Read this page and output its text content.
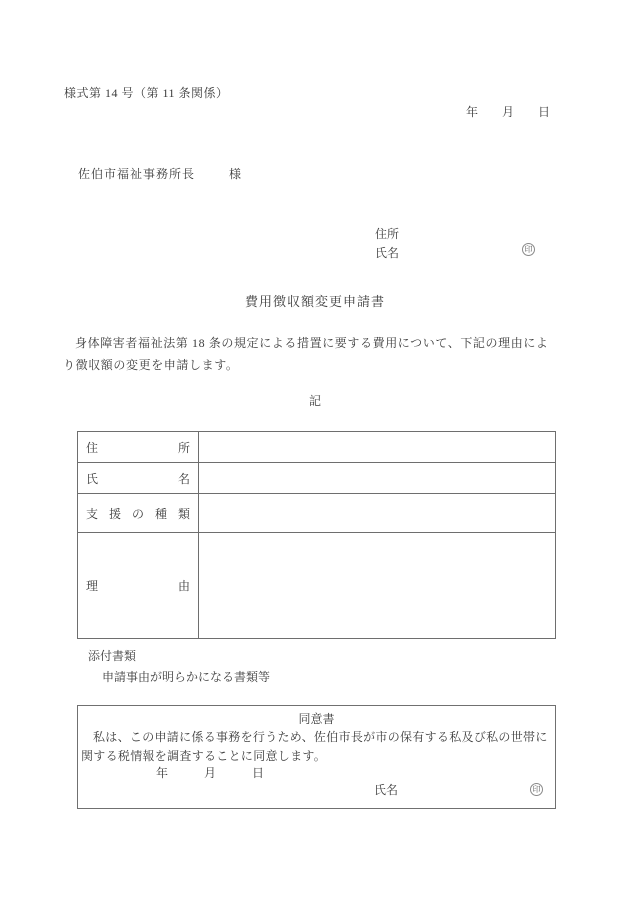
様式第 14 号（第 11 条関係）
年　　月　　日
佐伯市福祉事務所長	様
住所
氏名	印
費用徴収額変更申請書
身体障害者福祉法第 18 条の規定による措置に要する費用について、下記の理由によ
り徴収額の変更を申請します。
記
住 所	

氏 名	

支 援 の 種 類	

理 由	

添付書類
申請事由が明らかになる書類等
同意書
私は、この申請に係る事務を行うため、佐伯市長が市の保有する私及び私の世帯に
関する税情報を調査することに同意します。
年　　　月　　　日
氏名	印
